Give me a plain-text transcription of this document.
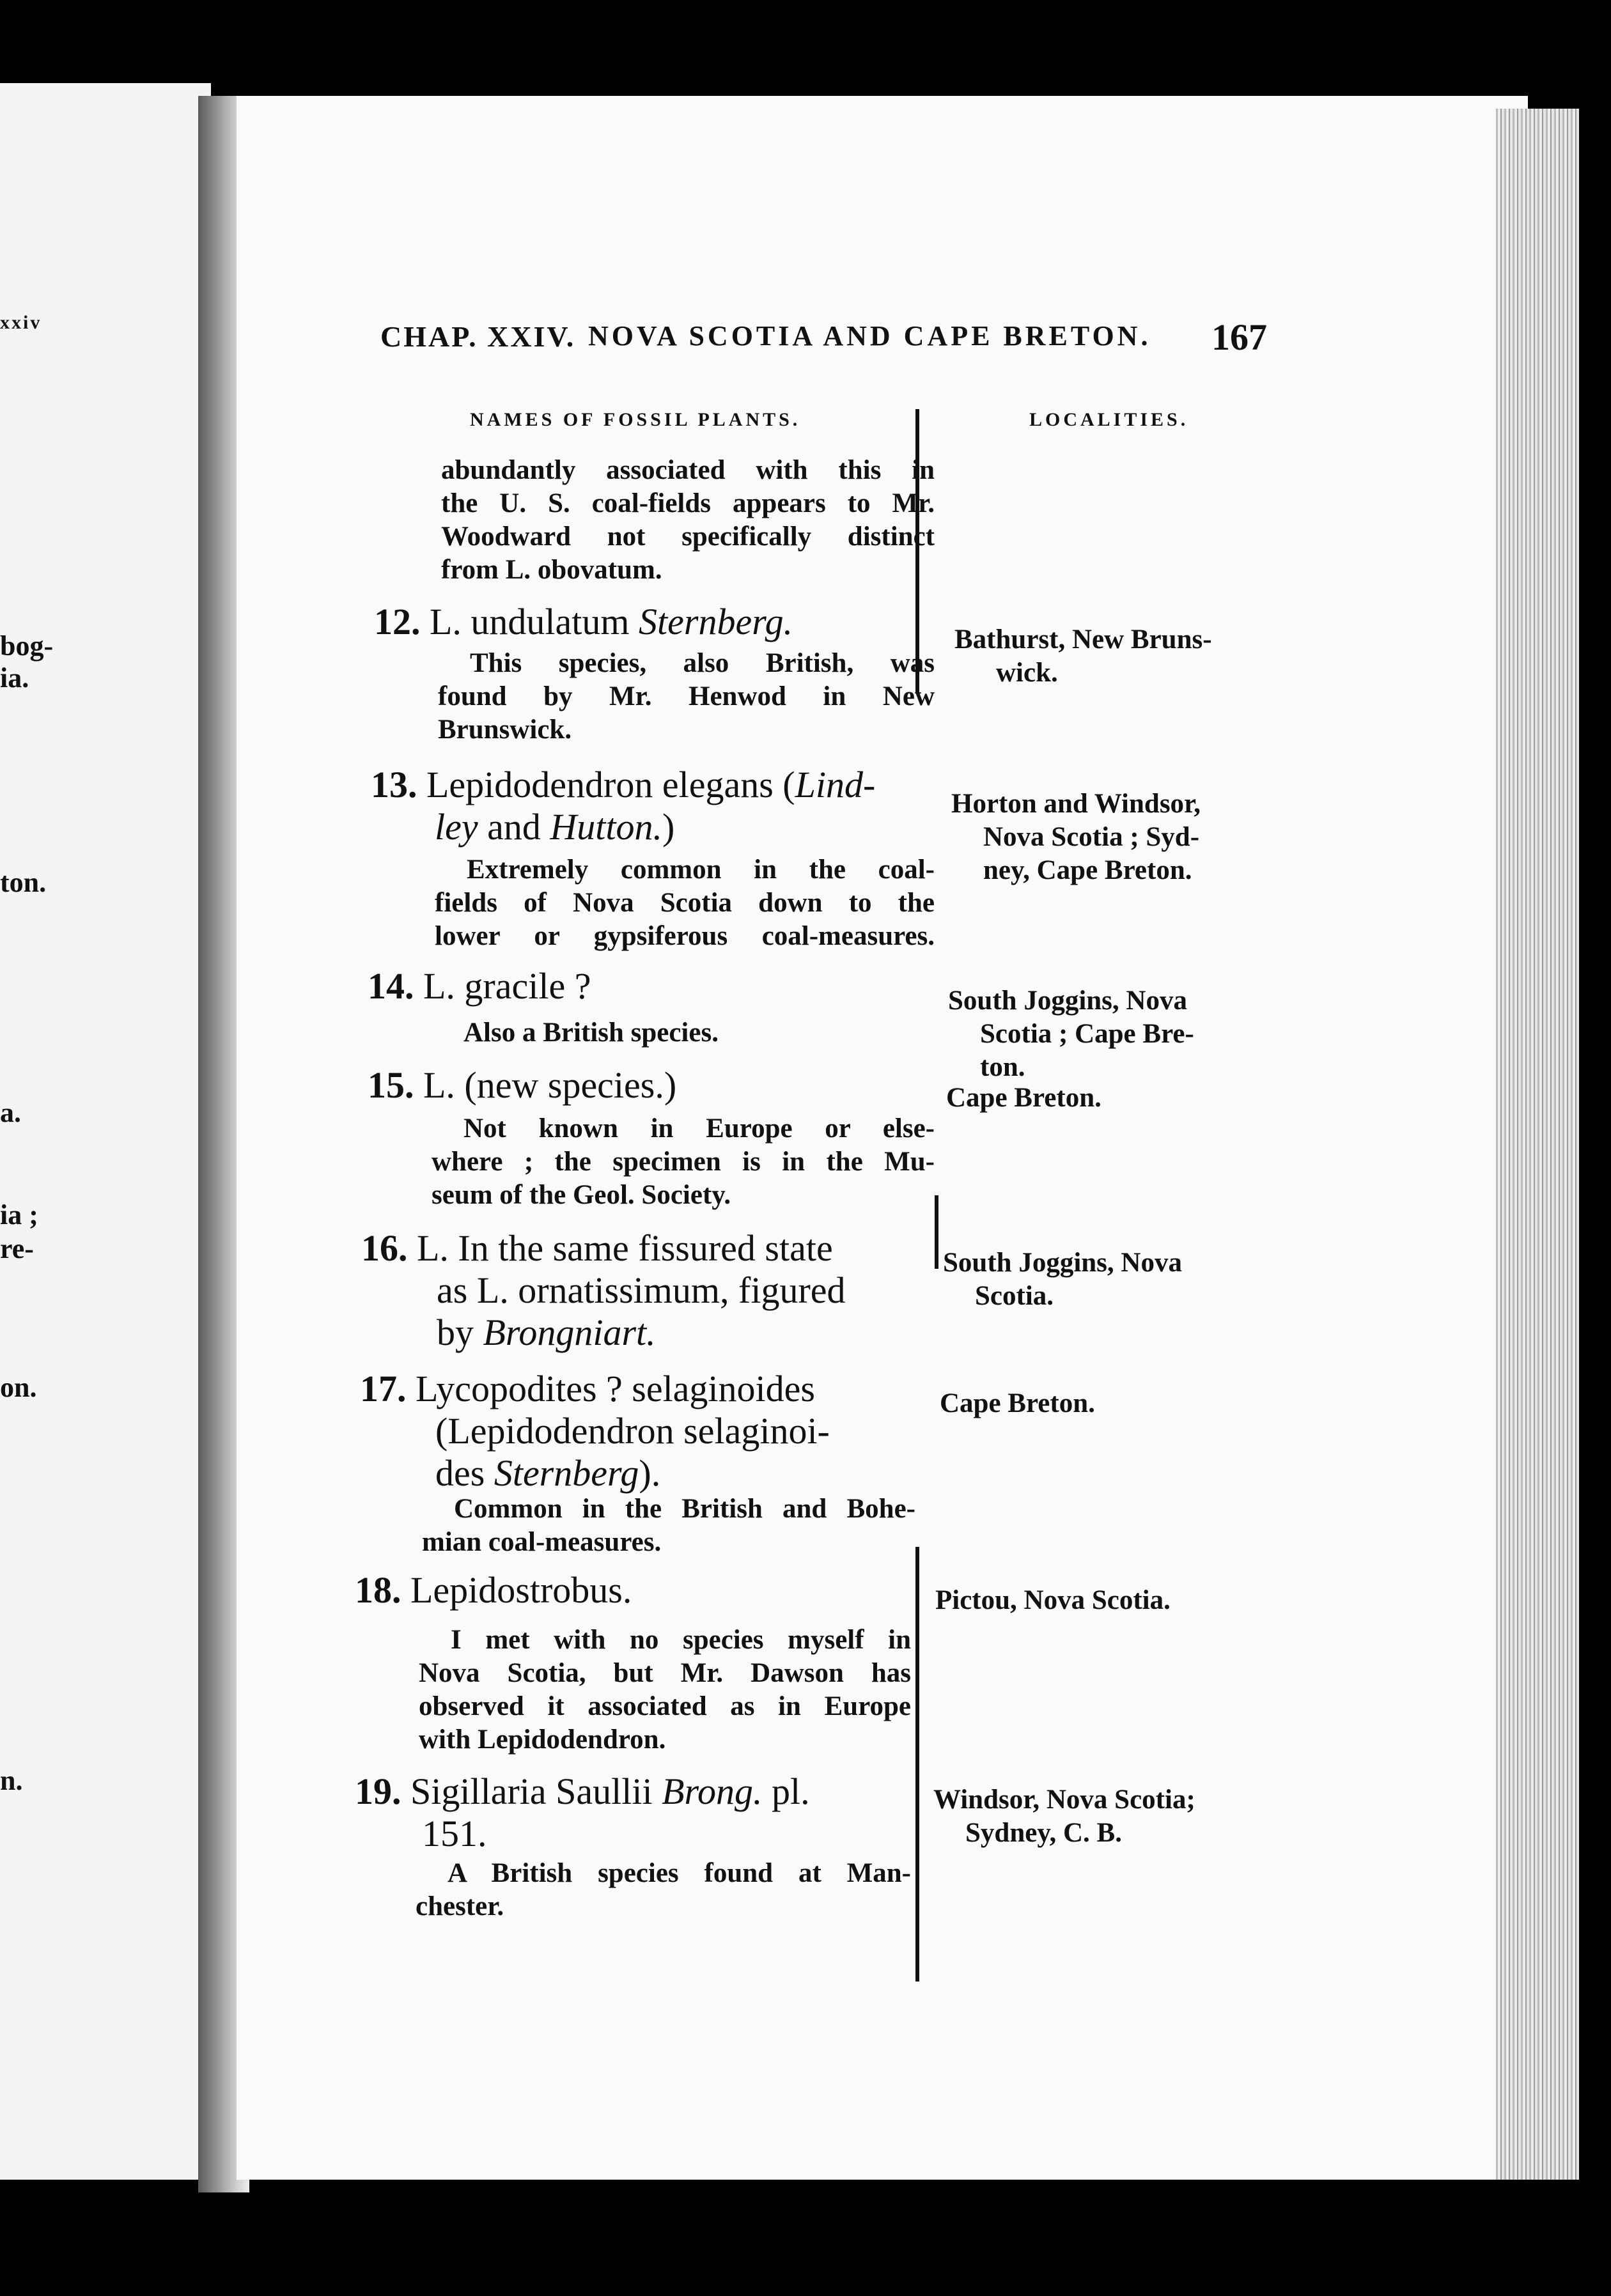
xxiv
bog-
ia.
ton.
a.
ia ;
re-
on.
n.
CHAP. XXIV. NOVA SCOTIA AND CAPE BRETON. 167
NAMES OF FOSSIL PLANTS.	LOCALITIES.
abundantly associated with this in
the U. S. coal-fields appears to Mr.
Woodward not specifically distinct
from L. obovatum.
12. L. undulatum Sternberg.
This species, also British, was
found by Mr. Henwod in New
Brunswick.
Bathurst, New Bruns-
wick.
13. Lepidodendron elegans (Lind-
ley and Hutton.)
Extremely common in the coal-
fields of Nova Scotia down to the
lower or gypsiferous coal-measures.
Horton and Windsor,
Nova Scotia ; Syd-
ney, Cape Breton.
14. L. gracile ?
Also a British species.
South Joggins, Nova
Scotia ; Cape Bre-
ton.
15. L. (new species.)
Not known in Europe or else-
where ; the specimen is in the Mu-
seum of the Geol. Society.
Cape Breton.
16. L. In the same fissured state
as L. ornatissimum, figured
by Brongniart.
South Joggins, Nova
Scotia.
17. Lycopodites ? selaginoides
(Lepidodendron selaginoi-
des Sternberg).
Common in the British and Bohe-
mian coal-measures.
Cape Breton.
18. Lepidostrobus.
I met with no species myself in
Nova Scotia, but Mr. Dawson has
observed it associated as in Europe
with Lepidodendron.
Pictou, Nova Scotia.
19. Sigillaria Saullii Brong. pl.
151.
A British species found at Man-
chester.
Windsor, Nova Scotia;
Sydney, C. B.
